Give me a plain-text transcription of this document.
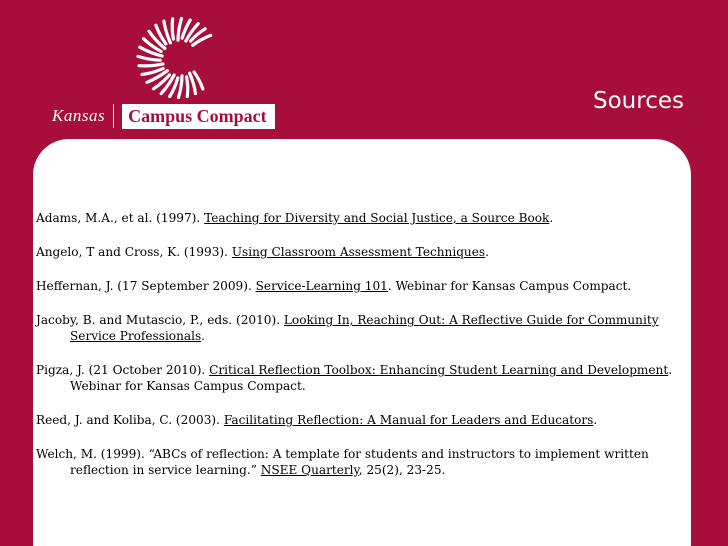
Kansas	Campus Compact
Sources

Adams, M.A., et al. (1997). Teaching for Diversity and Social Justice, a Source Book.

Angelo, T and Cross, K. (1993). Using Classroom Assessment Techniques.

Heffernan, J. (17 September 2009). Service-Learning 101. Webinar for Kansas Campus Compact.

Jacoby, B. and Mutascio, P., eds. (2010). Looking In, Reaching Out: A Reflective Guide for Community Service Professionals.

Pigza, J. (21 October 2010). Critical Reflection Toolbox: Enhancing Student Learning and Development. Webinar for Kansas Campus Compact.

Reed, J. and Koliba, C. (2003). Facilitating Reflection: A Manual for Leaders and Educators.

Welch, M. (1999). “ABCs of reflection: A template for students and instructors to implement written reflection in service learning.” NSEE Quarterly, 25(2), 23-25.
